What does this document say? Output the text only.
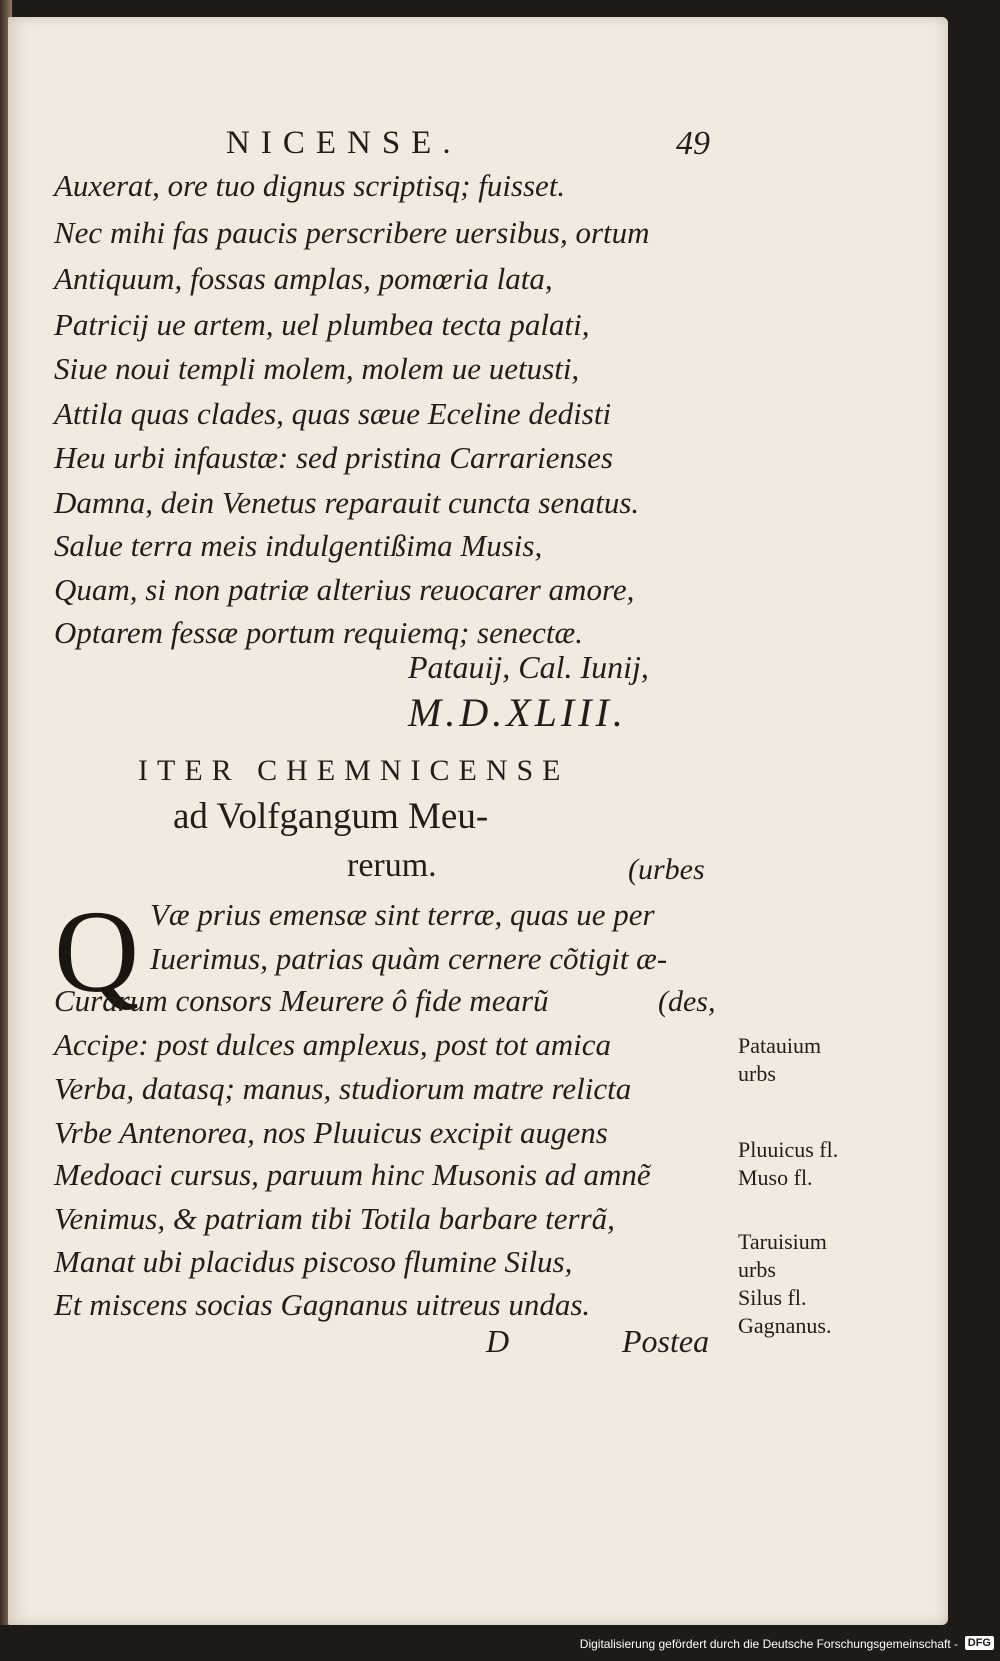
NICENSE.	49
Auxerat, ore tuo dignus scriptisq; fuisset.
Nec mihi fas paucis perscribere uersibus, ortum
Antiquum, fossas amplas, pomœria lata,
Patricij ue artem, uel plumbea tecta palati,
Siue noui templi molem, molem ue uetusti,
Attila quas clades, quas sæue Eceline dedisti
Heu urbi infaustæ: sed pristina Carrarienses
Damna, dein Venetus reparauit cuncta senatus.
Salue terra meis indulgentißima Musis,
Quam, si non patriæ alterius reuocarer amore,
Optarem fessæ portum requiemq; senectæ.
Patauij, Cal. Iunij,
M.D.XLIII.
ITER CHEMNICENSE
ad Volfgangum Meu-
rerum.	(urbes
Q Væ prius emensæ sint terræ, quas ue per
Iuerimus, patrias quàm cernere cõtigit æ-
Curarum consors Meurere ô fide mearũ	(des,
Accipe: post dulces amplexus, post tot amica
Verba, datasq; manus, studiorum matre relicta
Vrbe Antenorea, nos Pluuicus excipit augens
Medoaci cursus, paruum hinc Musonis ad amnẽ
Venimus, & patriam tibi Totila barbare terrã,
Manat ubi placidus piscoso flumine Silus,
Et miscens socias Gagnanus uitreus undas.
Patauium
urbs
Pluuicus fl.
Muso fl.
Taruisium
urbs
Silus fl.
Gagnanus.
D	Postea
Digitalisierung gefördert durch die Deutsche Forschungsgemeinschaft - DFG
